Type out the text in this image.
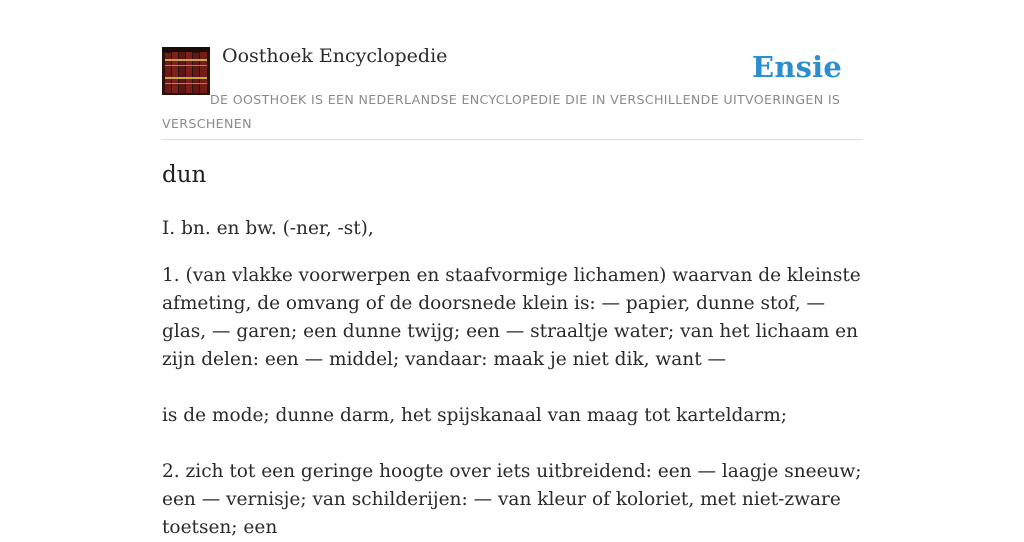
Oosthoek Encyclopedie	Ensie
DE OOSTHOEK IS EEN NEDERLANDSE ENCYCLOPEDIE DIE IN VERSCHILLENDE UITVOERINGEN IS VERSCHENEN
dun

I. bn. en bw. (-ner, -st),

1. (van vlakke voorwerpen en staafvormige lichamen) waarvan de kleinste afmeting, de omvang of de doorsnede klein is: — papier, dunne stof, — glas, — garen; een dunne twijg; een — straaltje water; van het lichaam en zijn delen: een — middel; vandaar: maak je niet dik, want —

is de mode; dunne darm, het spijskanaal van maag tot karteldarm;

2. zich tot een geringe hoogte over iets uitbreidend: een — laagje sneeuw; een — vernisje; van schilderijen: — van kleur of koloriet, met niet-zware toetsen; een
